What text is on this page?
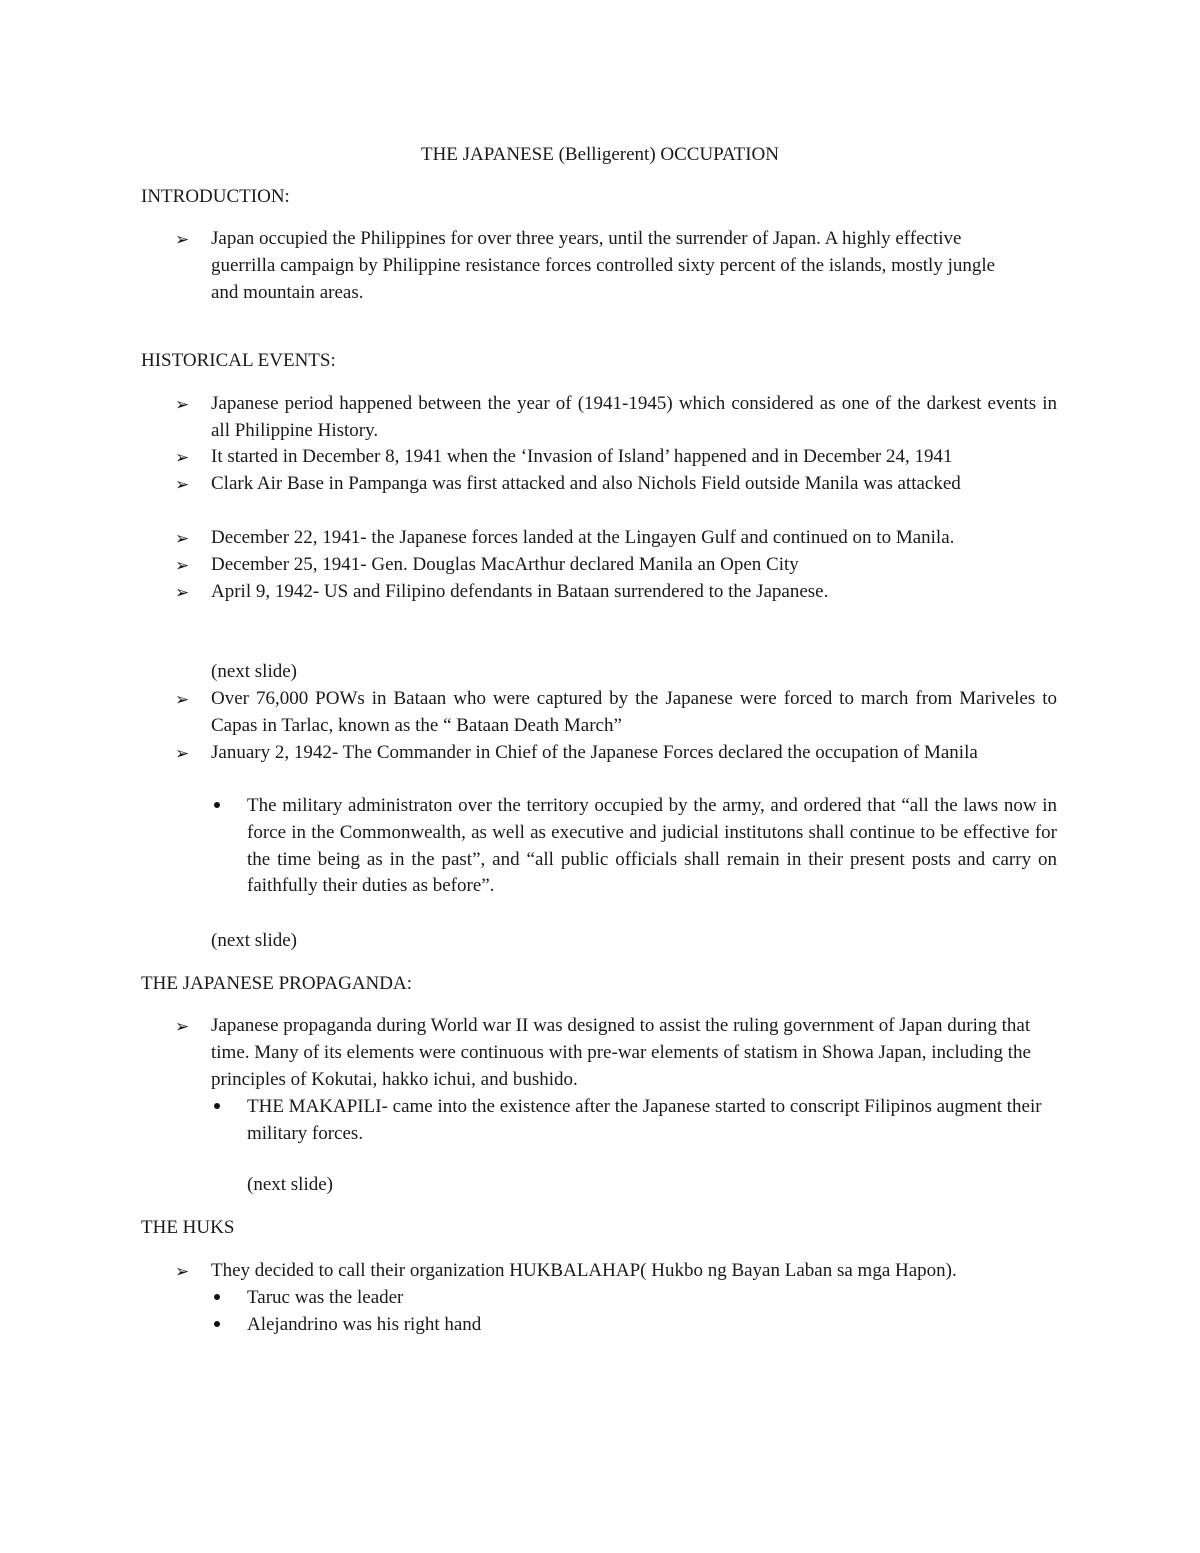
THE JAPANESE (Belligerent) OCCUPATION
INTRODUCTION:
➢	Japan occupied the Philippines for over three years, until the surrender of Japan. A highly effective guerrilla campaign by Philippine resistance forces controlled sixty percent of the islands, mostly jungle and mountain areas.
HISTORICAL EVENTS:
➢	Japanese period happened between the year of (1941-1945) which considered as one of the darkest events in all Philippine History.
➢	It started in December 8, 1941 when the ‘Invasion of Island’ happened and in December 24, 1941
➢	Clark Air Base in Pampanga was first attacked and also Nichols Field outside Manila was attacked
➢	December 22, 1941- the Japanese forces landed at the Lingayen Gulf and continued on to Manila.
➢	December 25, 1941- Gen. Douglas MacArthur declared Manila an Open City
➢	April 9, 1942- US and Filipino defendants in Bataan surrendered to the Japanese.
(next slide)
➢	Over 76,000 POWs in Bataan who were captured by the Japanese were forced to march from Mariveles to Capas in Tarlac, known as the “ Bataan Death March”
➢	January 2, 1942- The Commander in Chief of the Japanese Forces declared the occupation of Manila
The military administraton over the territory occupied by the army, and ordered that “all the laws now in force in the Commonwealth, as well as executive and judicial institutons shall continue to be effective for the time being as in the past”, and “all public officials shall remain in their present posts and carry on faithfully their duties as before”.
(next slide)
THE JAPANESE PROPAGANDA:
➢	Japanese propaganda during World war II was designed to assist the ruling government of Japan during that time. Many of its elements were continuous with pre-war elements of statism in Showa Japan, including the principles of Kokutai, hakko ichui, and bushido.
THE MAKAPILI- came into the existence after the Japanese started to conscript Filipinos augment their military forces.
(next slide)
THE HUKS
➢	They decided to call their organization HUKBALAHAP( Hukbo ng Bayan Laban sa mga Hapon).
Taruc was the leader
Alejandrino was his right hand
